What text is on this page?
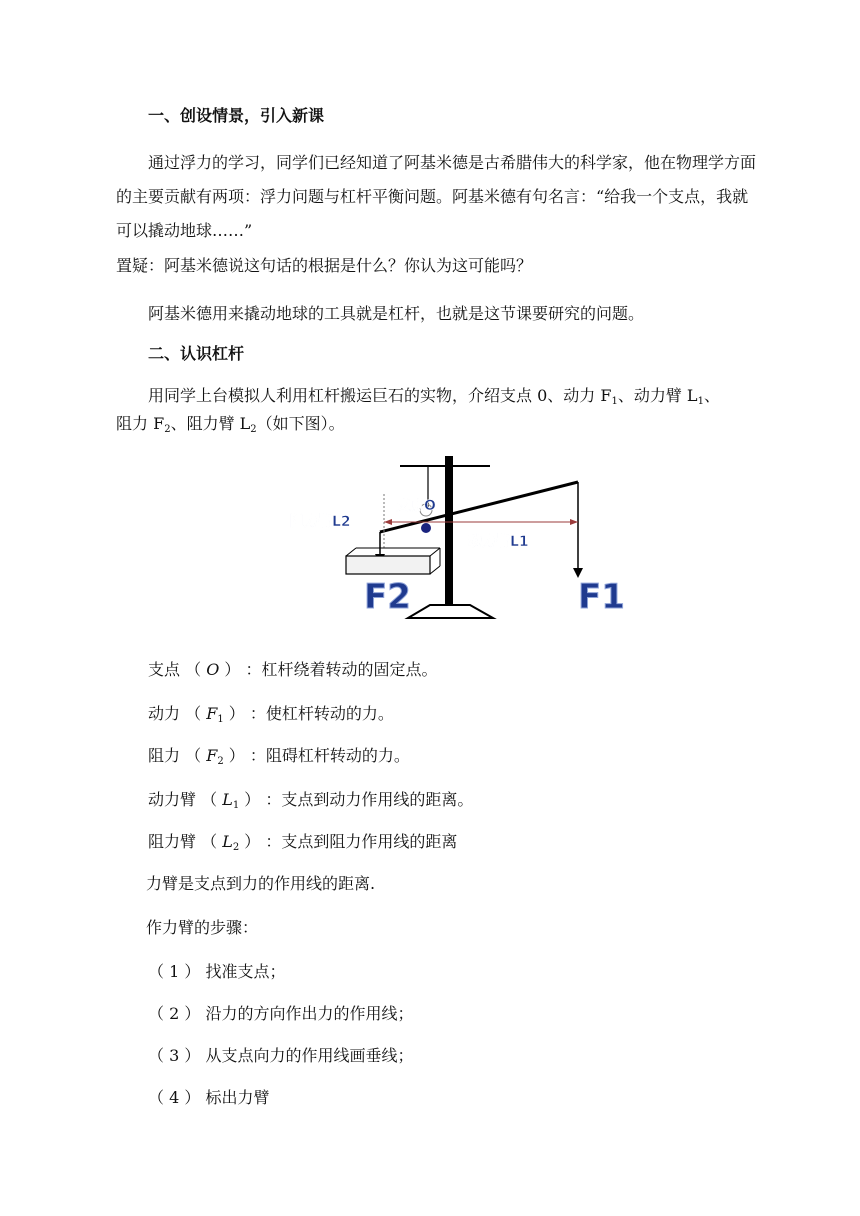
一、创设情景，引入新课
通过浮力的学习，同学们已经知道了阿基米德是古希腊伟大的科学家，他在物理学方面的主要贡献有两项：浮力问题与杠杆平衡问题。阿基米德有句名言：“给我一个支点，我就可以撬动地球……”
置疑：阿基米德说这句话的根据是什么？你认为这可能吗？
阿基米德用来撬动地球的工具就是杠杆，也就是这节课要研究的问题。
二、认识杠杆
用同学上台模拟人利用杠杆搬运巨石的实物，介绍支点 0、动力 $F_1$、动力臂 $L_1$、
阻力 $F_2$、阻力臂 $L_2$（如下图）。
支点O
阻力臂L2
动力臂L1
F2	F1
支点 （ O ） ：杠杆绕着转动的固定点。
动力 （ $F_1$ ） ：使杠杆转动的力。
阻力 （ $F_2$ ） ：阻碍杠杆转动的力。
动力臂 （ $L_1$ ） ：支点到动力作用线的距离。
阻力臂 （ $L_2$ ） ：支点到阻力作用线的距离
力臂是支点到力的作用线的距离.
作力臂的步骤：
（ 1 ） 找准支点；
（ 2 ） 沿力的方向作出力的作用线；
（ 3 ） 从支点向力的作用线画垂线；
（ 4 ） 标出力臂
